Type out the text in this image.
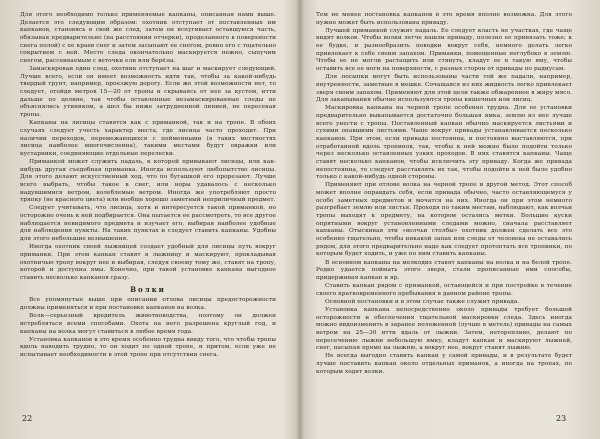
Для этого необходимо только применяемые капканы, описанная нами выше. Делается это следующим образом: охотник отступает от поставленных им капканов, становясь в свой же след, затем он вспугивает оставшуюся часть, обязывая предварительно (на расстоянии отчерки), проделанного в поверхности снега полой) с ее краев снег и затем засыпают ее снегом, ровно его с тщательно сокрытием с ней. Место следа окончательно маскируется нежно, сыпучим снегом, рассеиваемым с веточки ели или берёзы.

Замаскирован один след, охотник отступает на шаг и маскирует следующий. Лучше всего, если он имеет возможность идти так, чтобы за какой-нибудь твердый грунт, например, проезжую дорогу. Если же этой возможности нет, то следует, отойдя метров 15—20 от тропы и скрываясь от нее за кустом, итти дальше по целине, так чтобы оставленные незамаскированные следы не объяснялись утиником, а шел бы ниже затрудненной линией, не пересекая тропы.

Капканы на лисицы ставятся как с приманкой, так и на тропе. В обоих случаях следует учесть характер места, где лисица часто проходит. При наличии переходов, перемежающихся с пойменными (в таких местностях лисица наиболее многочисленна), такими местами будут овражки или кустарники, соединяющие отдельные перелески.

Приманкой может служить падаль, к которой привыкают лисицы, или как-нибудь другая съедобная приманка. Иногда используют любопытство лисицы. Для этого делают искусственный ход, что по бугашкой его прорезают. Лучше всего выбрать, чтобы такое в снег, или норы удавалось с несколько надувшимися ветром, колеблемые ветром. Иногда же употребляют просто тряпку (не красного цвета) или вообще хорошо заметный неприличный предмет.

Следует учитывать, что лисица, хотя и интересуется такой приманкой, но осторожно очень к ней подбирается. Она пытается ее рассмотреть, то все другое наблюдается невидимого предмета и изучает его, выбирая наиболее удобные для наблюдения пункты. На таких пунктах и следует ставить капканы. Удобны для этого небольшие возвышения.

Иногда охотник своей лыжницей создает удобный для лисицы путь вокруг приманки. При этом капкан ставят в лыжницу и маскируют, прокладывая охотничью тропу вокруг нее и выбирая, следуя своему тому же, ставят на тропу, которой и доступна ямы. Конечно, при такой установке капкана выгодное ставить несколько капканов сразу.

Волки

Все упомянутые выше при описании отлова лисицы предосторожности должны применяться и при постановке капканов на волка.

Волк—серьезный вредитель животноводства, поэтому он должен истребляться всеми способами. Охота на него разрешена круглый год, и капканы на волка могут ставиться в любое время года.

Установка капканов в это время особенно трудна ввиду того, что чтобы тропы вдоль наводить трудно, то он ходит по одной тропе, и притом, если уже не испытывает необходимости в этой тропе при отсутствии снега.

Тем не менее постановка капканов в это время вполне возможна. Для этого нужно может быть использована приваду.

Лучшей приманкой служит падаль. Ее следует класть не участках, где чаще видят волков. Чтобы волки легче нашли приваду, полезно ее привязать тоже; к ее будке, и разнообразить поводки вокруг себя, немного делать легко привлекает к себе своим запахом. Приманки, помещенные неглубоко в землю. Чтобы ее не могли растащить или стянуть, кладут ее в такую яму, чтобы оставить все ее ноги на поверхности, с разных сторон от привады по радиусам.

Для посыпки могут быть использованы части той же падали, например, внутренности, заметные в мешке. Сочащаяся из них жидкость легко привлекает зверя своим запахом. Применяют для этой цели также обжаренное в жиру мясо. Для закапывания обычно используются тропы кишечных или лисиц.

Маскировка капкана на черной тропе особенно трудна. Для ее установки предварительно выкапывается достаточно большая ямка, землю из нее лучше всего унести с тропы. Поставленный капкан обычно маскируется листьями и сухими опавшими листьями. Чаще вокруг привады устанавливается несколько капканов. При этом, если привада постоянна, и постоянно выставляются, при отработанной вдоль тропинок, так, чтобы к ней можно было подойти только через несколько оставленных узких проходов. В них ставятся капканы. Чаще ставят несколько капканов, чтобы исключить эту приваду. Когда же привада непостоянна, то следует расставлять их так, чтобы подойти к ней было удобно только с какой-нибудь одной стороны.

Применяют при отлове волка на черной тропе и другой метод. Этот способ может вполне оправдать себя, если привада обычно, часто оставляющемуся у особо заметных предметов и мочатся на них. Иногда он при этом немного разгребает землю или листья. Проходя по таким местам, наблюдают, как волчьи тропы выходят к предмету, на котором остались метки. Большие куски опрятными вокруг установленными следами можно, сначала расставляет капканы. Отыскивая эти «волчьи столбы» охотник должен сделать все это особенно тщательно, чтобы никакой запах или следы от человека не оставались рядом, для этого предварительно надо как следует протоптать все тропинки, по которым будет ходить, и уже по ним ставить капканы.

В основном капканы на мелкодих ставят капканы на волка и на белой тропе. Редко удается поймать этого зверя, стали прописанные ими способы, придерживая капкан и яр.

Ставить капкан рядом с приманкой, остающейся и при постройке в течение своего кратковременного пребывания в данном районе тропы.

Основной постановки и в этом случае также служит привада.

Установка капкана непосредственно около привады требует большой осторожности и обеспечения тщательной маскировки следа. Здесь иногда можно видоизменить в заранее положенной (лучше в метель) привады на самых ветром на 25—30 итти вдаль от лыжни. Затем, неторопливо, делают по пересечению лыжни небольшую ямку, кладут капкан и маскируют лыжней, снег, насыпая прямо на лыжню, а вокруг нее, вокруг ставят лыжню.

Не всегда выгодно ставить капкан у самой привады, и в результате будет лучше поставить капкан около отдельных приманок, а иногда на тропах, по которым ходят волки.

22	23
